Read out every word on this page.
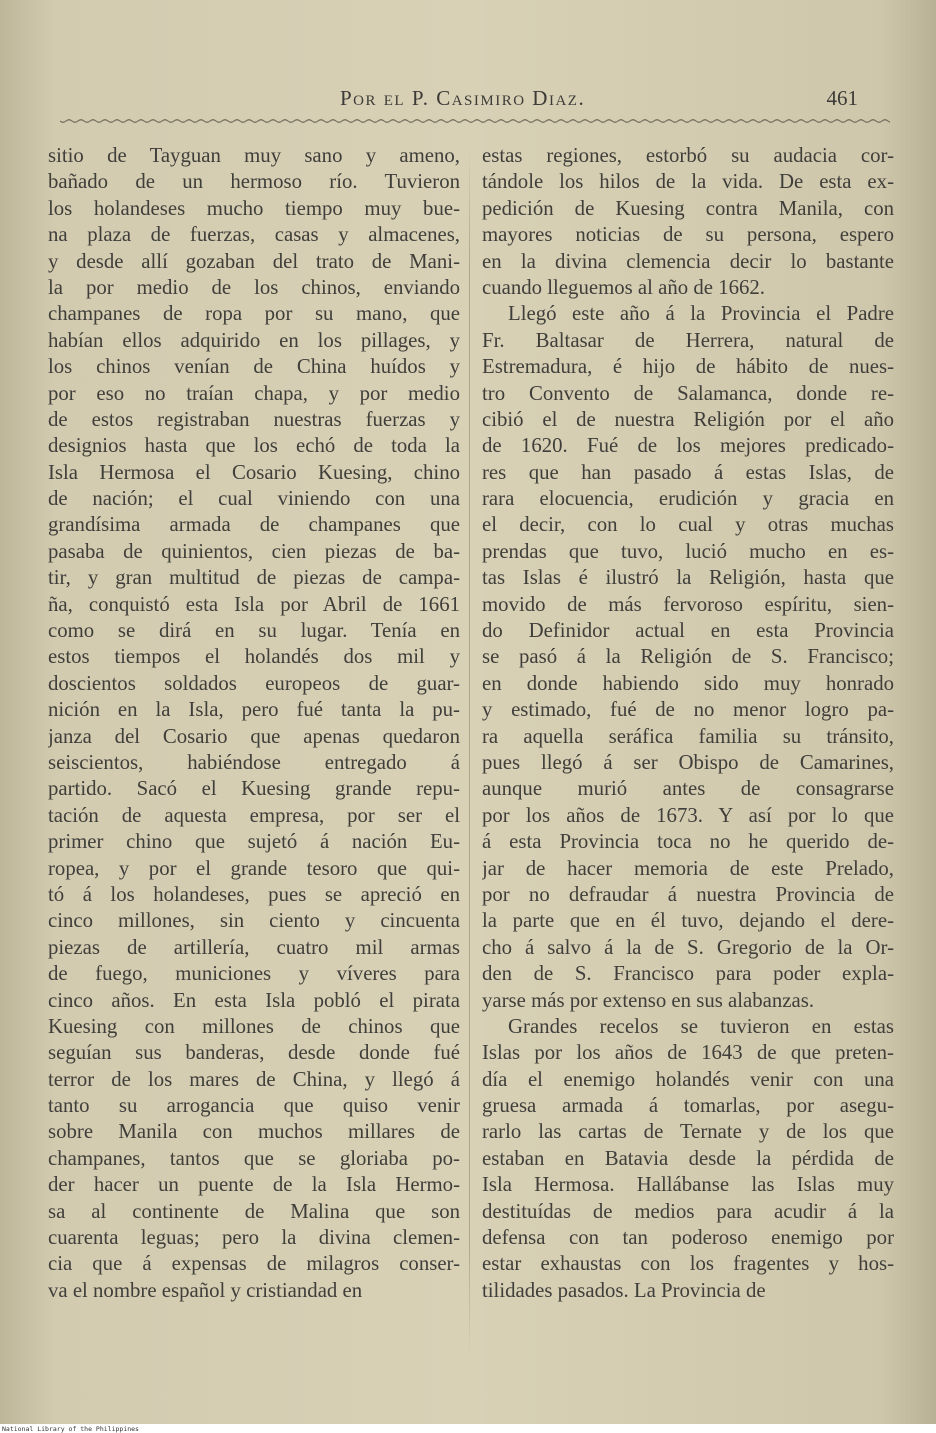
Por el P. Casimiro Diaz.	461
sitio de Tayguan muy sano y ameno,
bañado de un hermoso río. Tuvieron
los holandeses mucho tiempo muy bue-
na plaza de fuerzas, casas y almacenes,
y desde allí gozaban del trato de Mani-
la por medio de los chinos, enviando
champanes de ropa por su mano, que
habían ellos adquirido en los pillages, y
los chinos venían de China huídos y
por eso no traían chapa, y por medio
de estos registraban nuestras fuerzas y
designios hasta que los echó de toda la
Isla Hermosa el Cosario Kuesing, chino
de nación; el cual viniendo con una
grandísima armada de champanes que
pasaba de quinientos, cien piezas de ba-
tir, y gran multitud de piezas de campa-
ña, conquistó esta Isla por Abril de 1661
como se dirá en su lugar. Tenía en
estos tiempos el holandés dos mil y
doscientos soldados europeos de guar-
nición en la Isla, pero fué tanta la pu-
janza del Cosario que apenas quedaron
seiscientos, habiéndose entregado á
partido. Sacó el Kuesing grande repu-
tación de aquesta empresa, por ser el
primer chino que sujetó á nación Eu-
ropea, y por el grande tesoro que qui-
tó á los holandeses, pues se apreció en
cinco millones, sin ciento y cincuenta
piezas de artillería, cuatro mil armas
de fuego, municiones y víveres para
cinco años. En esta Isla pobló el pirata
Kuesing con millones de chinos que
seguían sus banderas, desde donde fué
terror de los mares de China, y llegó á
tanto su arrogancia que quiso venir
sobre Manila con muchos millares de
champanes, tantos que se gloriaba po-
der hacer un puente de la Isla Hermo-
sa al continente de Malina que son
cuarenta leguas; pero la divina clemen-
cia que á expensas de milagros conser-
va el nombre español y cristiandad en
estas regiones, estorbó su audacia cor-
tándole los hilos de la vida. De esta ex-
pedición de Kuesing contra Manila, con
mayores noticias de su persona, espero
en la divina clemencia decir lo bastante
cuando lleguemos al año de 1662.
Llegó este año á la Provincia el Padre
Fr. Baltasar de Herrera, natural de
Estremadura, é hijo de hábito de nues-
tro Convento de Salamanca, donde re-
cibió el de nuestra Religión por el año
de 1620. Fué de los mejores predicado-
res que han pasado á estas Islas, de
rara elocuencia, erudición y gracia en
el decir, con lo cual y otras muchas
prendas que tuvo, lució mucho en es-
tas Islas é ilustró la Religión, hasta que
movido de más fervoroso espíritu, sien-
do Definidor actual en esta Provincia
se pasó á la Religión de S. Francisco;
en donde habiendo sido muy honrado
y estimado, fué de no menor logro pa-
ra aquella seráfica familia su tránsito,
pues llegó á ser Obispo de Camarines,
aunque murió antes de consagrarse
por los años de 1673. Y así por lo que
á esta Provincia toca no he querido de-
jar de hacer memoria de este Prelado,
por no defraudar á nuestra Provincia de
la parte que en él tuvo, dejando el dere-
cho á salvo á la de S. Gregorio de la Or-
den de S. Francisco para poder expla-
yarse más por extenso en sus alabanzas.
Grandes recelos se tuvieron en estas
Islas por los años de 1643 de que preten-
día el enemigo holandés venir con una
gruesa armada á tomarlas, por asegu-
rarlo las cartas de Ternate y de los que
estaban en Batavia desde la pérdida de
Isla Hermosa. Hallábanse las Islas muy
destituídas de medios para acudir á la
defensa con tan poderoso enemigo por
estar exhaustas con los fragentes y hos-
tilidades pasados. La Provincia de
National Library of the Philippines
